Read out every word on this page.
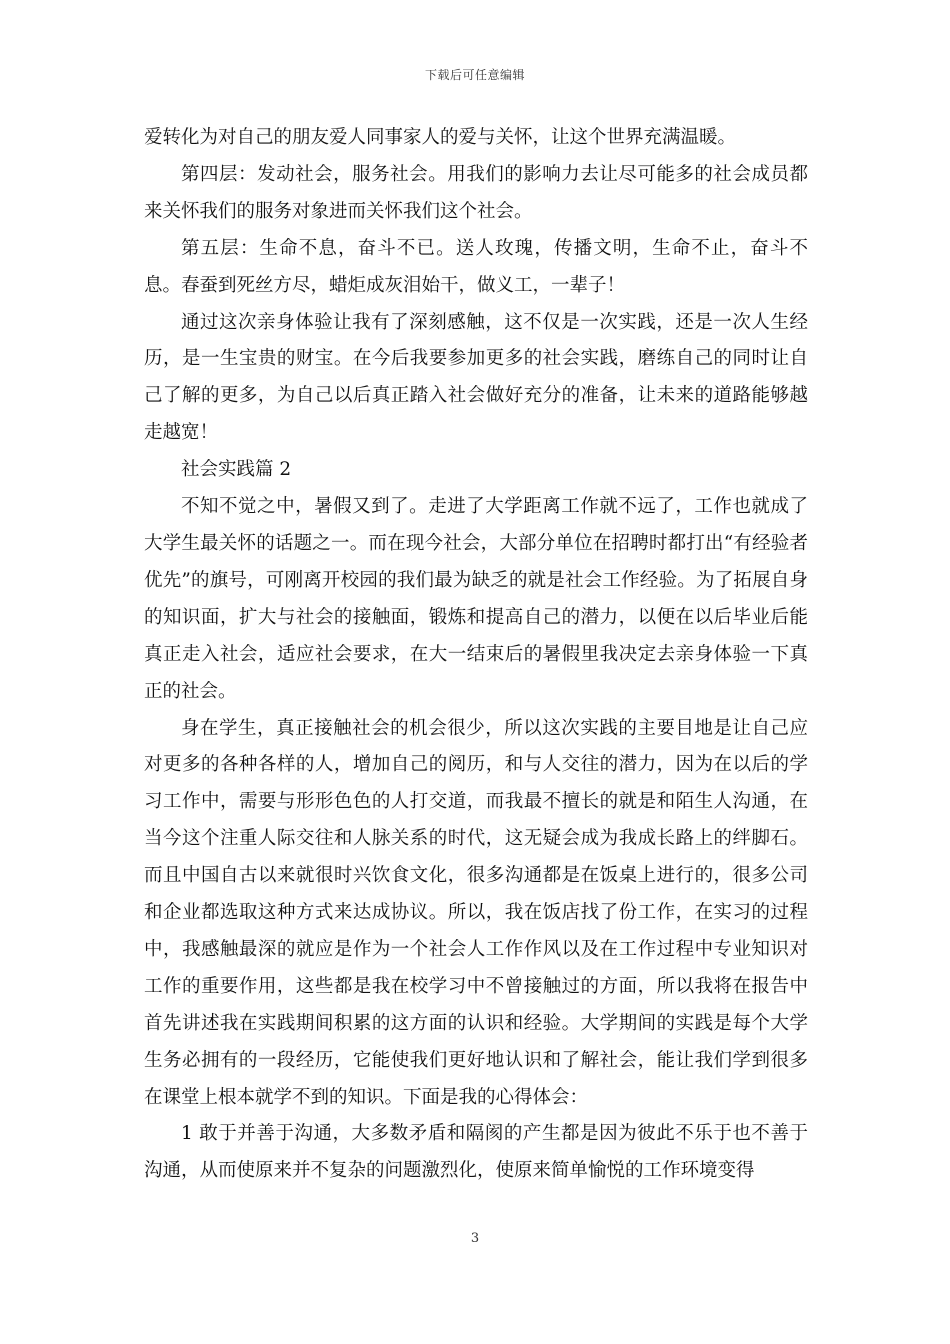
下载后可任意编辑

爱转化为对自己的朋友爱人同事家人的爱与关怀，让这个世界充满温暖。

第四层：发动社会，服务社会。用我们的影响力去让尽可能多的社会成员都来关怀我们的服务对象进而关怀我们这个社会。

第五层：生命不息，奋斗不已。送人玫瑰，传播文明，生命不止，奋斗不息。春蚕到死丝方尽，蜡炬成灰泪始干，做义工，一辈子！

通过这次亲身体验让我有了深刻感触，这不仅是一次实践，还是一次人生经历，是一生宝贵的财宝。在今后我要参加更多的社会实践，磨练自己的同时让自己了解的更多，为自己以后真正踏入社会做好充分的准备，让未来的道路能够越走越宽！

社会实践篇 2

不知不觉之中，暑假又到了。走进了大学距离工作就不远了，工作也就成了大学生最关怀的话题之一。而在现今社会，大部分单位在招聘时都打出“有经验者优先”的旗号，可刚离开校园的我们最为缺乏的就是社会工作经验。为了拓展自身的知识面，扩大与社会的接触面，锻炼和提高自己的潜力，以便在以后毕业后能真正走入社会，适应社会要求，在大一结束后的暑假里我决定去亲身体验一下真正的社会。

身在学生，真正接触社会的机会很少，所以这次实践的主要目地是让自己应对更多的各种各样的人，增加自己的阅历，和与人交往的潜力，因为在以后的学习工作中，需要与形形色色的人打交道，而我最不擅长的就是和陌生人沟通，在当今这个注重人际交往和人脉关系的时代，这无疑会成为我成长路上的绊脚石。而且中国自古以来就很时兴饮食文化，很多沟通都是在饭桌上进行的，很多公司和企业都选取这种方式来达成协议。所以，我在饭店找了份工作，在实习的过程中，我感触最深的就应是作为一个社会人工作作风以及在工作过程中专业知识对工作的重要作用，这些都是我在校学习中不曾接触过的方面，所以我将在报告中首先讲述我在实践期间积累的这方面的认识和经验。大学期间的实践是每个大学生务必拥有的一段经历，它能使我们更好地认识和了解社会，能让我们学到很多在课堂上根本就学不到的知识。下面是我的心得体会：

1 敢于并善于沟通，大多数矛盾和隔阂的产生都是因为彼此不乐于也不善于沟通，从而使原来并不复杂的问题激烈化，使原来简单愉悦的工作环境变得

3
